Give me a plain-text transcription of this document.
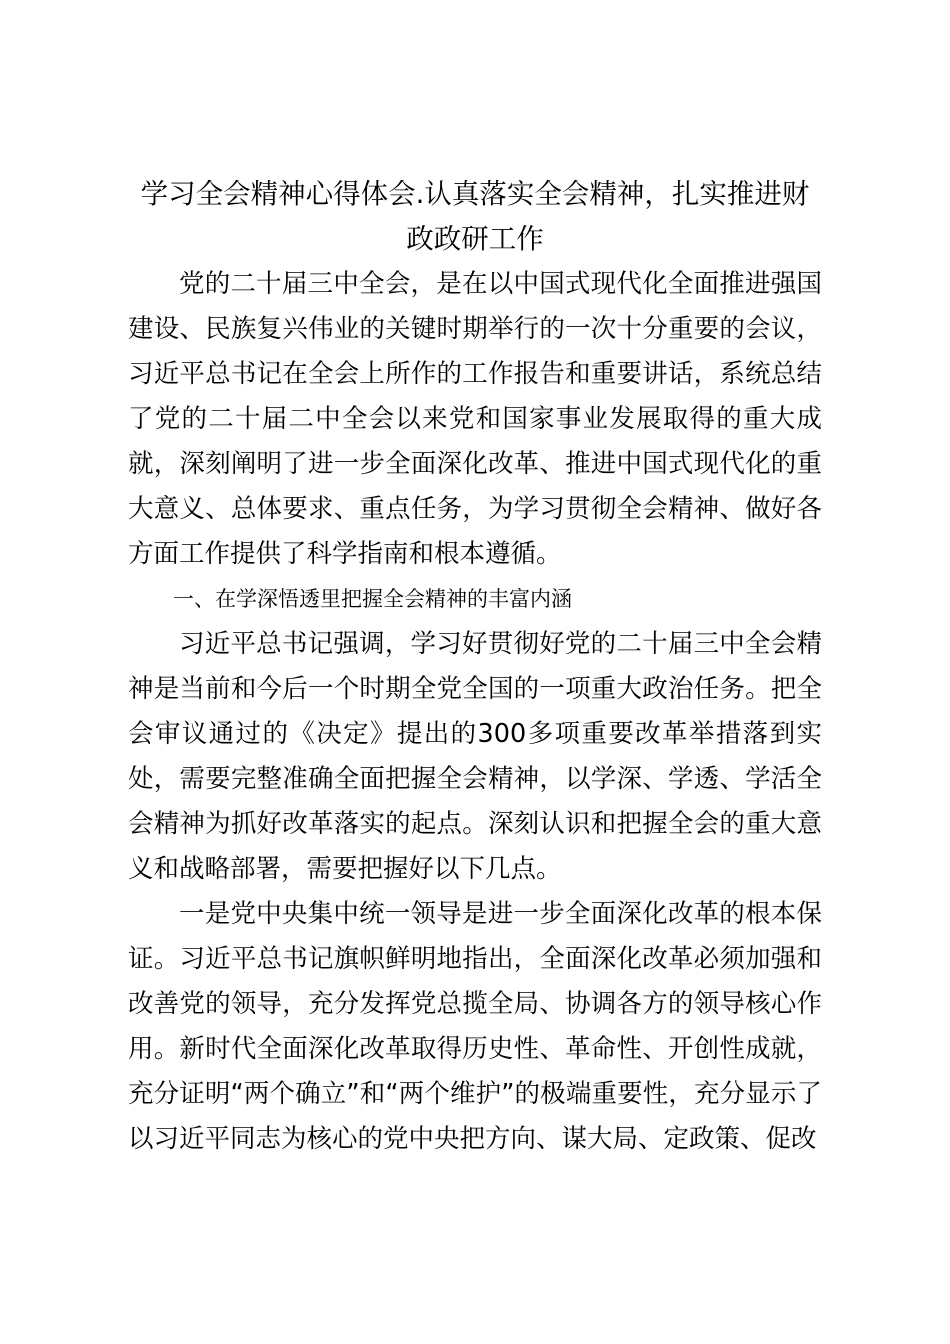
学习全会精神心得体会.认真落实全会精神，扎实推进财政政研工作

党的二十届三中全会，是在以中国式现代化全面推进强国建设、民族复兴伟业的关键时期举行的一次十分重要的会议，习近平总书记在全会上所作的工作报告和重要讲话，系统总结了党的二十届二中全会以来党和国家事业发展取得的重大成就，深刻阐明了进一步全面深化改革、推进中国式现代化的重大意义、总体要求、重点任务，为学习贯彻全会精神、做好各方面工作提供了科学指南和根本遵循。

一、在学深悟透里把握全会精神的丰富内涵

习近平总书记强调，学习好贯彻好党的二十届三中全会精神是当前和今后一个时期全党全国的一项重大政治任务。把全会审议通过的《决定》提出的300多项重要改革举措落到实处，需要完整准确全面把握全会精神，以学深、学透、学活全会精神为抓好改革落实的起点。深刻认识和把握全会的重大意义和战略部署，需要把握好以下几点。

一是党中央集中统一领导是进一步全面深化改革的根本保证。习近平总书记旗帜鲜明地指出，全面深化改革必须加强和改善党的领导，充分发挥党总揽全局、协调各方的领导核心作用。新时代全面深化改革取得历史性、革命性、开创性成就，充分证明“两个确立”和“两个维护”的极端重要性，充分显示了以习近平同志为核心的党中央把方向、谋大局、定政策、促改
